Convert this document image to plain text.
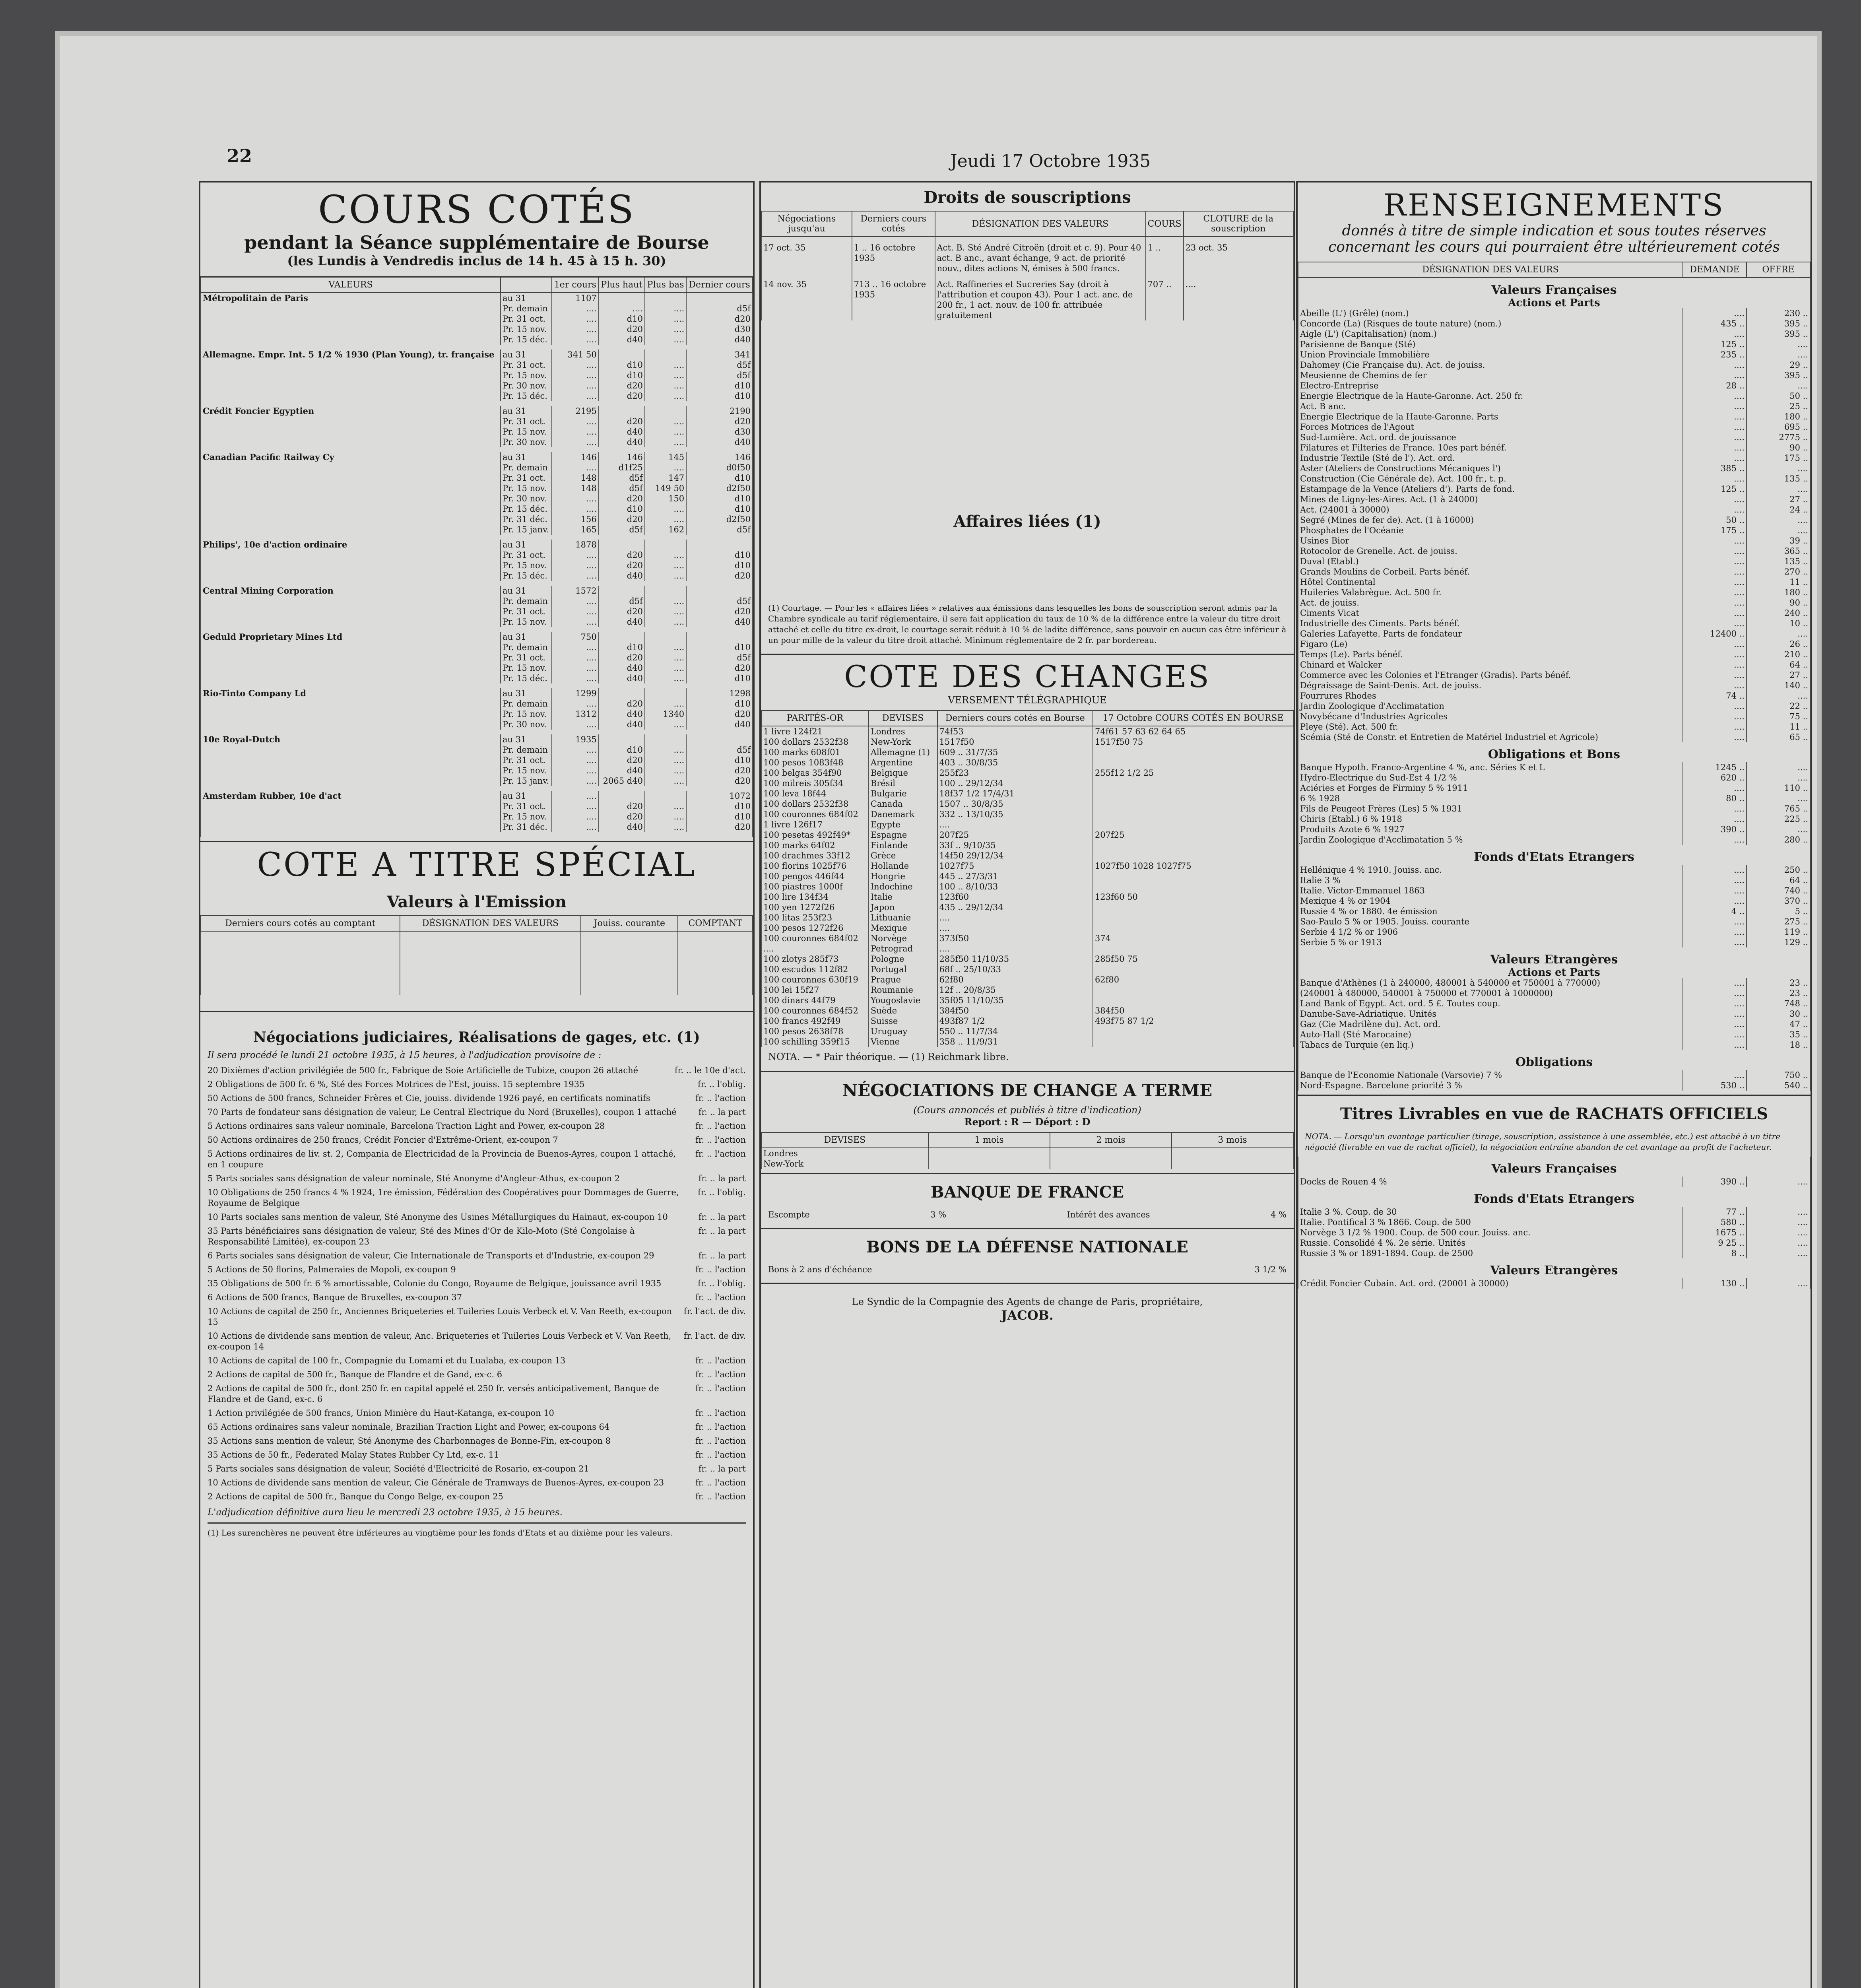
22	Jeudi 17 Octobre 1935
COURS COTÉS
pendant la Séance supplémentaire de Bourse
(les Lundis à Vendredis inclus de 14 h. 45 à 15 h. 30)
VALEURS		1er cours	Plus haut	Plus bas	Dernier cours
Métropolitain de Paris	au 31	1107			
	Pr. demain	....	....	....	d5f
	Pr. 31 oct.	....	d10	....	d20
	Pr. 15 nov.	....	d20	....	d30
	Pr. 15 déc.	....	d40	....	d40

Allemagne. Empr. Int. 5 1/2 % 1930 (Plan Young), tr. française	au 31	341 50			341
	Pr. 31 oct.	....	d10	....	d5f
	Pr. 15 nov.	....	d10	....	d5f
	Pr. 30 nov.	....	d20	....	d10
	Pr. 15 déc.	....	d20	....	d10

Crédit Foncier Egyptien	au 31	2195			2190
	Pr. 31 oct.	....	d20	....	d20
	Pr. 15 nov.	....	d40	....	d30
	Pr. 30 nov.	....	d40	....	d40

Canadian Pacific Railway Cy	au 31	146	146	145	146
	Pr. demain	....	d1f25	....	d0f50
	Pr. 31 oct.	148	d5f	147	d10
	Pr. 15 nov.	148	d5f	149 50	d2f50
	Pr. 30 nov.	....	d20	150	d10
	Pr. 15 déc.	....	d10	....	d10
	Pr. 31 déc.	156	d20	....	d2f50
	Pr. 15 janv.	165	d5f	162	d5f

Philips', 10e d'action ordinaire	au 31	1878			
	Pr. 31 oct.	....	d20	....	d10
	Pr. 15 nov.	....	d20	....	d10
	Pr. 15 déc.	....	d40	....	d20

Central Mining Corporation	au 31	1572			
	Pr. demain	....	d5f	....	d5f
	Pr. 31 oct.	....	d20	....	d20
	Pr. 15 nov.	....	d40	....	d40

Geduld Proprietary Mines Ltd	au 31	750			
	Pr. demain	....	d10	....	d10
	Pr. 31 oct.	....	d20	....	d5f
	Pr. 15 nov.	....	d40	....	d20
	Pr. 15 déc.	....	d40	....	d10

Rio-Tinto Company Ld	au 31	1299			1298
	Pr. demain	....	d20	....	d10
	Pr. 15 nov.	1312	d40	1340	d20
	Pr. 30 nov.	....	d40	....	d40

10e Royal-Dutch	au 31	1935			
	Pr. demain	....	d10	....	d5f
	Pr. 31 oct.	....	d20	....	d10
	Pr. 15 nov.	....	d40	....	d20
	Pr. 15 janv.	....	2065 d40	....	d20

Amsterdam Rubber, 10e d'act	au 31	....			1072
	Pr. 31 oct.	....	d20	....	d10
	Pr. 15 nov.	....	d20	....	d10
	Pr. 31 déc.	....	d40	....	d20

COTE A TITRE SPÉCIAL
Valeurs à l'Emission
Derniers cours cotés au comptant	DÉSIGNATION DES VALEURS	Jouiss. courante	COMPTANT

Négociations judiciaires, Réalisations de gages, etc. (1)
Il sera procédé le lundi 21 octobre 1935, à 15 heures, à l'adjudication provisoire de :
20 Dixièmes d'action privilégiée de 500 fr., Fabrique de Soie Artificielle de Tubize, coupon 26 attaché	fr. .. le 10e d'act.
2 Obligations de 500 fr. 6 %, Sté des Forces Motrices de l'Est, jouiss. 15 septembre 1935	fr. .. l'oblig.
50 Actions de 500 francs, Schneider Frères et Cie, jouiss. dividende 1926 payé, en certificats nominatifs	fr. .. l'action
70 Parts de fondateur sans désignation de valeur, Le Central Electrique du Nord (Bruxelles), coupon 1 attaché	fr. .. la part
5 Actions ordinaires sans valeur nominale, Barcelona Traction Light and Power, ex-coupon 28	fr. .. l'action
50 Actions ordinaires de 250 francs, Crédit Foncier d'Extrême-Orient, ex-coupon 7	fr. .. l'action
5 Actions ordinaires de liv. st. 2, Compania de Electricidad de la Provincia de Buenos-Ayres, coupon 1 attaché, en 1 coupure
fr. .. l'action
5 Parts sociales sans désignation de valeur nominale, Sté Anonyme d'Angleur-Athus, ex-coupon 2	fr. .. la part
10 Obligations de 250 francs 4 % 1924, 1re émission, Fédération des Coopératives pour Dommages de Guerre, Royaume de Belgique
fr. .. l'oblig.
10 Parts sociales sans mention de valeur, Sté Anonyme des Usines Métallurgiques du Hainaut, ex-coupon 10	fr. .. la part
35 Parts bénéficiaires sans désignation de valeur, Sté des Mines d'Or de Kilo-Moto (Sté Congolaise à Responsabilité Limitée), ex-coupon 23
fr. .. la part
6 Parts sociales sans désignation de valeur, Cie Internationale de Transports et d'Industrie, ex-coupon 29	fr. .. la part
5 Actions de 50 florins, Palmeraies de Mopoli, ex-coupon 9	fr. .. l'action
35 Obligations de 500 fr. 6 % amortissable, Colonie du Congo, Royaume de Belgique, jouissance avril 1935	fr. .. l'oblig.
6 Actions de 500 francs, Banque de Bruxelles, ex-coupon 37	fr. .. l'action
10 Actions de capital de 250 fr., Anciennes Briqueteries et Tuileries Louis Verbeck et V. Van Reeth, ex-coupon 15
fr. l'act. de div.
10 Actions de dividende sans mention de valeur, Anc. Briqueteries et Tuileries Louis Verbeck et V. Van Reeth, ex-coupon 14
fr. l'act. de div.
10 Actions de capital de 100 fr., Compagnie du Lomami et du Lualaba, ex-coupon 13	fr. .. l'action
2 Actions de capital de 500 fr., Banque de Flandre et de Gand, ex-c. 6	fr. .. l'action
2 Actions de capital de 500 fr., dont 250 fr. en capital appelé et 250 fr. versés anticipativement, Banque de Flandre et de Gand, ex-c. 6
fr. .. l'action
1 Action privilégiée de 500 francs, Union Minière du Haut-Katanga, ex-coupon 10	fr. .. l'action
65 Actions ordinaires sans valeur nominale, Brazilian Traction Light and Power, ex-coupons 64	fr. .. l'action
35 Actions sans mention de valeur, Sté Anonyme des Charbonnages de Bonne-Fin, ex-coupon 8	fr. .. l'action
35 Actions de 50 fr., Federated Malay States Rubber Cy Ltd, ex-c. 11	fr. .. l'action
5 Parts sociales sans désignation de valeur, Société d'Electricité de Rosario, ex-coupon 21	fr. .. la part
10 Actions de dividende sans mention de valeur, Cie Générale de Tramways de Buenos-Ayres, ex-coupon 23	fr. .. l'action
2 Actions de capital de 500 fr., Banque du Congo Belge, ex-coupon 25	fr. .. l'action
L'adjudication définitive aura lieu le mercredi 23 octobre 1935, à 15 heures.
(1) Les surenchères ne peuvent être inférieures au vingtième pour les fonds d'Etats et au dixième pour les valeurs.
Droits de souscriptions
Négociations jusqu'au	Derniers cours cotés	DÉSIGNATION DES VALEURS	COURS	CLOTURE de la souscription
17 oct. 35	1 .. 16 octobre 1935	Act. B. Sté André Citroën (droit et c. 9). Pour 40 act. B anc., avant échange, 9 act. de priorité nouv., dites actions N, émises à 500 francs.	1 ..	23 oct. 35
14 nov. 35	713 .. 16 octobre 1935	Act. Raffineries et Sucreries Say (droit à l'attribution et coupon 43). Pour 1 act. anc. de 200 fr., 1 act. nouv. de 100 fr. attribuée gratuitement	707 ..	....
Affaires liées (1)
(1) Courtage. — Pour les « affaires liées » relatives aux émissions dans lesquelles les bons de souscription seront admis par la Chambre syndicale au tarif réglementaire, il sera fait application du taux de 10 % de la différence entre la valeur du titre droit attaché et celle du titre ex-droit, le courtage serait réduit à 10 % de ladite différence, sans pouvoir en aucun cas être inférieur à un pour mille de la valeur du titre droit attaché. Minimum réglementaire de 2 fr. par bordereau.
COTE DES CHANGES
VERSEMENT TÉLÉGRAPHIQUE
PARITÉS-OR	DEVISES	Derniers cours cotés en Bourse	17 Octobre COURS COTÉS EN BOURSE
1 livre 124f21	Londres	74f53	74f61 57 63 62 64 65
100 dollars 2532f38	New-York	1517f50	1517f50 75
100 marks 608f01	Allemagne (1)	609 .. 31/7/35	
100 pesos 1083f48	Argentine	403 .. 30/8/35	
100 belgas 354f90	Belgique	255f23	255f12 1/2 25
100 milreis 305f34	Brésil	100 .. 29/12/34	
100 leva 18f44	Bulgarie	18f37 1/2 17/4/31	
100 dollars 2532f38	Canada	1507 .. 30/8/35	
100 couronnes 684f02	Danemark	332 .. 13/10/35	
1 livre 126f17	Egypte	....	
100 pesetas 492f49*	Espagne	207f25	207f25
100 marks 64f02	Finlande	33f .. 9/10/35	
100 drachmes 33f12	Grèce	14f50 29/12/34	
100 florins 1025f76	Hollande	1027f75	1027f50 1028 1027f75
100 pengos 446f44	Hongrie	445 .. 27/3/31	
100 piastres 1000f	Indochine	100 .. 8/10/33	
100 lire 134f34	Italie	123f60	123f60 50
100 yen 1272f26	Japon	435 .. 29/12/34	
100 litas 253f23	Lithuanie	....	
100 pesos 1272f26	Mexique	....	
100 couronnes 684f02	Norvège	373f50	374
....	Petrograd	....	
100 zlotys 285f73	Pologne	285f50 11/10/35	285f50 75
100 escudos 112f82	Portugal	68f .. 25/10/33	
100 couronnes 630f19	Prague	62f80	62f80
100 lei 15f27	Roumanie	12f .. 20/8/35	
100 dinars 44f79	Yougoslavie	35f05 11/10/35	
100 couronnes 684f52	Suède	384f50	384f50
100 francs 492f49	Suisse	493f87 1/2	493f75 87 1/2
100 pesos 2638f78	Uruguay	550 .. 11/7/34	
100 schilling 359f15	Vienne	358 .. 11/9/31	
NOTA. — * Pair théorique. — (1) Reichmark libre.
NÉGOCIATIONS DE CHANGE A TERME
(Cours annoncés et publiés à titre d'indication)
Report : R — Déport : D
DEVISES	1 mois	2 mois	3 mois
Londres			
New-York			
BANQUE DE FRANCE
Escompte	3 %	Intérêt des avances	4 %
BONS DE LA DÉFENSE NATIONALE
Bons à 2 ans d'échéance	3 1/2 %
Le Syndic de la Compagnie des Agents de change de Paris, propriétaire,
JACOB.
RENSEIGNEMENTS
donnés à titre de simple indication et sous toutes réserves concernant les cours qui pourraient être ultérieurement cotés
DÉSIGNATION DES VALEURS	DEMANDE	OFFRE
Valeurs Françaises		
Actions et Parts		
Abeille (L') (Grêle) (nom.)	....	230 ..
Concorde (La) (Risques de toute nature) (nom.)	435 ..	395 ..
Aigle (L') (Capitalisation) (nom.)	....	395 ..
Parisienne de Banque (Sté)	125 ..	....
Union Provinciale Immobilière	235 ..	....
Dahomey (Cie Française du). Act. de jouiss.	....	29 ..
Meusienne de Chemins de fer	....	395 ..
Electro-Entreprise	28 ..	....
Energie Electrique de la Haute-Garonne. Act. 250 fr.	....	50 ..
Act. B anc.	....	25 ..
Energie Electrique de la Haute-Garonne. Parts	....	180 ..
Forces Motrices de l'Agout	....	695 ..
Sud-Lumière. Act. ord. de jouissance	....	2775 ..
Filatures et Filteries de France. 10es part bénéf.	....	90 ..
Industrie Textile (Sté de l'). Act. ord.	....	175 ..
Aster (Ateliers de Constructions Mécaniques l')	385 ..	....
Construction (Cie Générale de). Act. 100 fr., t. p.	....	135 ..
Estampage de la Vence (Ateliers d'). Parts de fond.	125 ..	....
Mines de Ligny-les-Aires. Act. (1 à 24000)	....	27 ..
Act. (24001 à 30000)	....	24 ..
Segré (Mines de fer de). Act. (1 à 16000)	50 ..	....
Phosphates de l'Océanie	175 ..	....
Usines Bior	....	39 ..
Rotocolor de Grenelle. Act. de jouiss.	....	365 ..
Duval (Etabl.)	....	135 ..
Grands Moulins de Corbeil. Parts bénéf.	....	270 ..
Hôtel Continental	....	11 ..
Huileries Valabrègue. Act. 500 fr.	....	180 ..
Act. de jouiss.	....	90 ..
Ciments Vicat	....	240 ..
Industrielle des Ciments. Parts bénéf.	....	10 ..
Galeries Lafayette. Parts de fondateur	12400 ..	....
Figaro (Le)	....	26 ..
Temps (Le). Parts bénéf.	....	210 ..
Chinard et Walcker	....	64 ..
Commerce avec les Colonies et l'Etranger (Gradis). Parts bénéf.	....	27 ..
Dégraissage de Saint-Denis. Act. de jouiss.	....	140 ..
Fourrures Rhodes	74 ..	....
Jardin Zoologique d'Acclimatation	....	22 ..
Novybécane d'Industries Agricoles	....	75 ..
Pleye (Sté). Act. 500 fr.	....	11 ..
Scémia (Sté de Constr. et Entretien de Matériel Industriel et Agricole)	....	65 ..
Obligations et Bons		
Banque Hypoth. Franco-Argentine 4 %, anc. Séries K et L	1245 ..	....
Hydro-Electrique du Sud-Est 4 1/2 %	620 ..	....
Aciéries et Forges de Firminy 5 % 1911	....	110 ..
6 % 1928	80 ..	....
Fils de Peugeot Frères (Les) 5 % 1931	....	765 ..
Chiris (Etabl.) 6 % 1918	....	225 ..
Produits Azote 6 % 1927	390 ..	....
Jardin Zoologique d'Acclimatation 5 %	....	280 ..
Fonds d'Etats Etrangers		
Hellénique 4 % 1910. Jouiss. anc.	....	250 ..
Italie 3 %	....	64 ..
Italie. Victor-Emmanuel 1863	....	740 ..
Mexique 4 % or 1904	....	370 ..
Russie 4 % or 1880. 4e émission	4 ..	5 ..
Sao-Paulo 5 % or 1905. Jouiss. courante	....	275 ..
Serbie 4 1/2 % or 1906	....	119 ..
Serbie 5 % or 1913	....	129 ..
Valeurs Etrangères		
Actions et Parts		
Banque d'Athènes (1 à 240000, 480001 à 540000 et 750001 à 770000)	....	23 ..
(240001 à 480000, 540001 à 750000 et 770001 à 1000000)	....	23 ..
Land Bank of Egypt. Act. ord. 5 £. Toutes coup.	....	748 ..
Danube-Save-Adriatique. Unités	....	30 ..
Gaz (Cie Madrilène du). Act. ord.	....	47 ..
Auto-Hall (Sté Marocaine)	....	35 ..
Tabacs de Turquie (en liq.)	....	18 ..
Obligations		
Banque de l'Economie Nationale (Varsovie) 7 %	....	750 ..
Nord-Espagne. Barcelone priorité 3 %	530 ..	540 ..
Titres Livrables en vue de RACHATS OFFICIELS
NOTA. — Lorsqu'un avantage particulier (tirage, souscription, assistance à une assemblée, etc.) est attaché à un titre négocié (livrable en vue de rachat officiel), la négociation entraîne abandon de cet avantage au profit de l'acheteur.
Valeurs Françaises		
Docks de Rouen 4 %	390 ..	....
Fonds d'Etats Etrangers		
Italie 3 %. Coup. de 30	77 ..	....
Italie. Pontifical 3 % 1866. Coup. de 500	580 ..	....
Norvège 3 1/2 % 1900. Coup. de 500 cour. Jouiss. anc.	1675 ..	....
Russie. Consolidé 4 %. 2e série. Unités	9 25 ..	....
Russie 3 % or 1891-1894. Coup. de 2500	8 ..	....
Valeurs Etrangères		
Crédit Foncier Cubain. Act. ord. (20001 à 30000)	130 ..	....
